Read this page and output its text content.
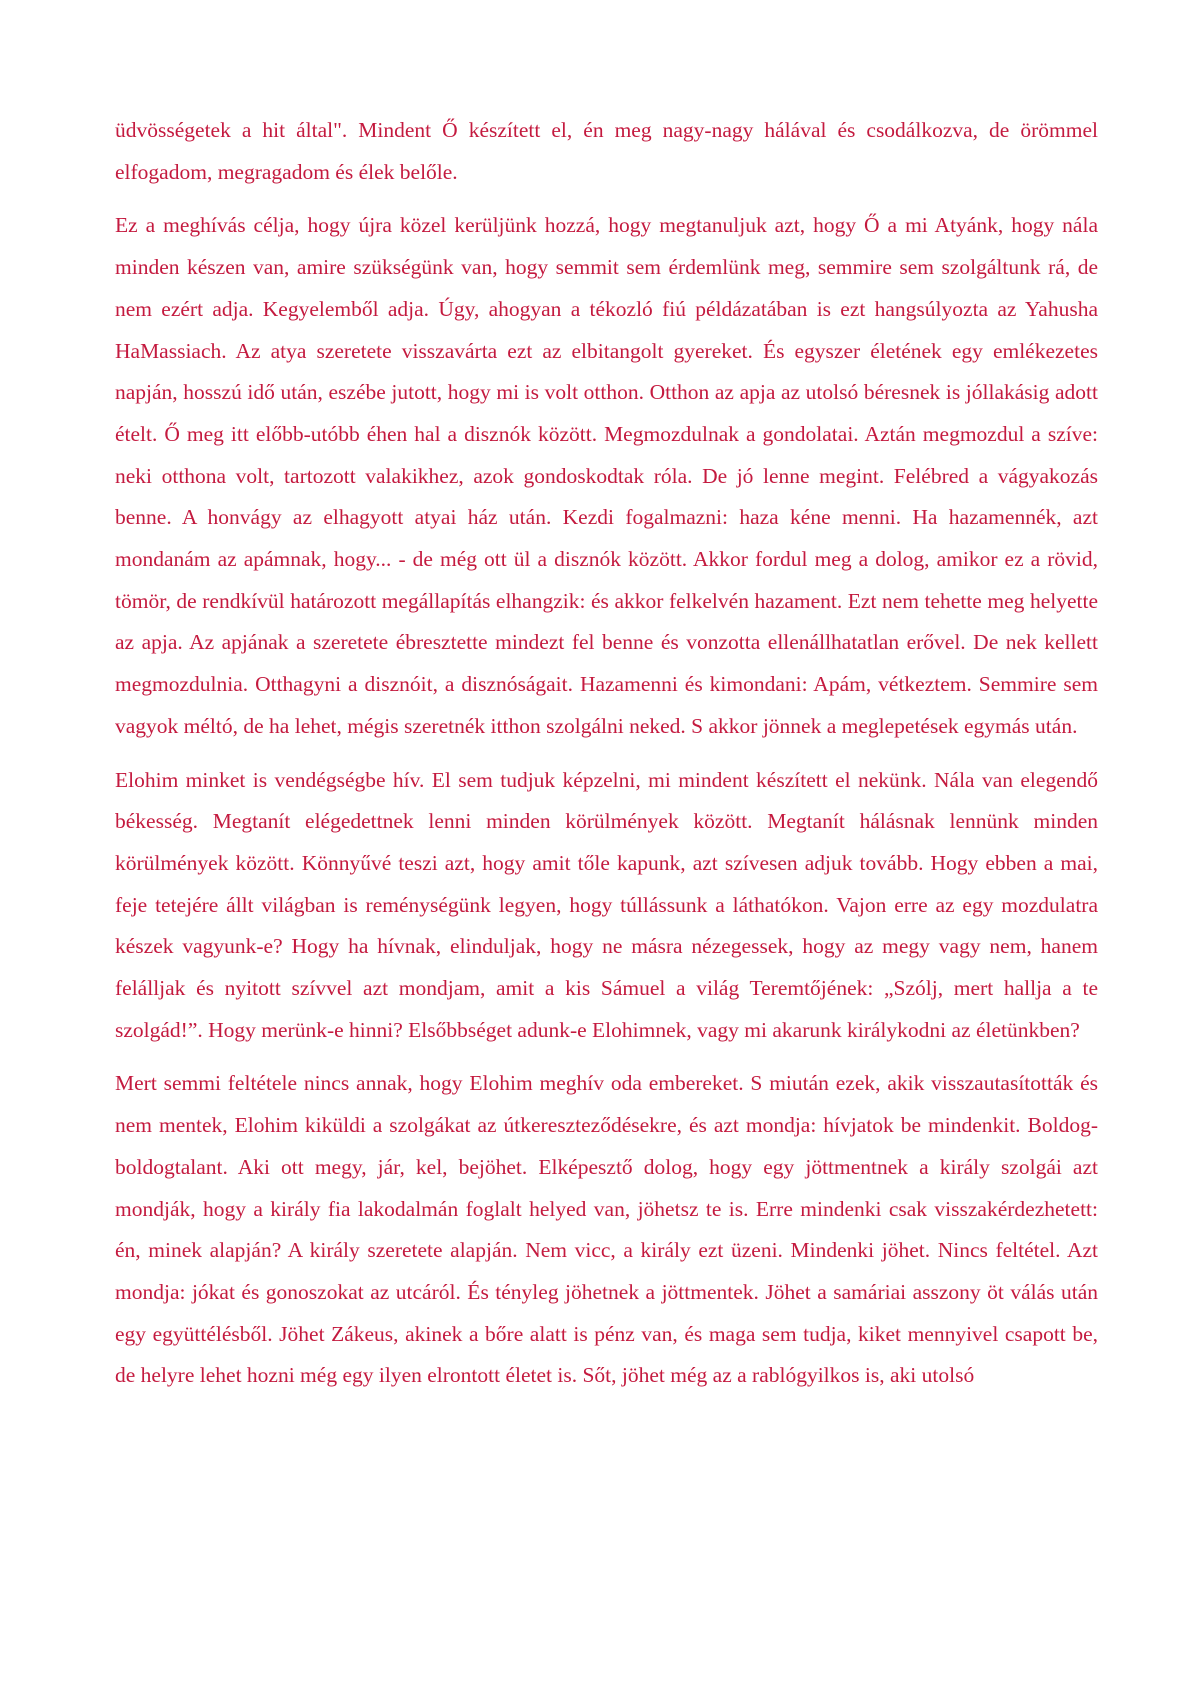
üdvösségetek a hit által". Mindent Ő készített el, én meg nagy-nagy hálával és csodálkozva, de örömmel elfogadom, megragadom és élek belőle.

Ez a meghívás célja, hogy újra közel kerüljünk hozzá, hogy megtanuljuk azt, hogy Ő a mi Atyánk, hogy nála minden készen van, amire szükségünk van, hogy semmit sem érdemlünk meg, semmire sem szolgáltunk rá, de nem ezért adja. Kegyelemből adja. Úgy, ahogyan a tékozló fiú példázatában is ezt hangsúlyozta az Yahusha HaMassiach. Az atya szeretete visszavárta ezt az elbitangolt gyereket. És egyszer életének egy emlékezetes napján, hosszú idő után, eszébe jutott, hogy mi is volt otthon. Otthon az apja az utolsó béresnek is jóllakásig adott ételt. Ő meg itt előbb-utóbb éhen hal a disznók között. Megmozdulnak a gondolatai. Aztán megmozdul a szíve: neki otthona volt, tartozott valakikhez, azok gondoskodtak róla. De jó lenne megint. Felébred a vágyakozás benne. A honvágy az elhagyott atyai ház után. Kezdi fogalmazni: haza kéne menni. Ha hazamennék, azt mondanám az apámnak, hogy... - de még ott ül a disznók között. Akkor fordul meg a dolog, amikor ez a rövid, tömör, de rendkívül határozott megállapítás elhangzik: és akkor felkelvén hazament. Ezt nem tehette meg helyette az apja. Az apjának a szeretete ébresztette mindezt fel benne és vonzotta ellenállhatatlan erővel. De nek kellett megmozdulnia. Otthagyni a disznóit, a disznóságait. Hazamenni és kimondani: Apám, vétkeztem. Semmire sem vagyok méltó, de ha lehet, mégis szeretnék itthon szolgálni neked. S akkor jönnek a meglepetések egymás után.

Elohim minket is vendégségbe hív. El sem tudjuk képzelni, mi mindent készített el nekünk. Nála van elegendő békesség. Megtanít elégedettnek lenni minden körülmények között. Megtanít hálásnak lennünk minden körülmények között. Könnyűvé teszi azt, hogy amit tőle kapunk, azt szívesen adjuk tovább. Hogy ebben a mai, feje tetejére állt világban is reménységünk legyen, hogy túllássunk a láthatókon. Vajon erre az egy mozdulatra készek vagyunk-e? Hogy ha hívnak, elinduljak, hogy ne másra nézegessek, hogy az megy vagy nem, hanem felálljak és nyitott szívvel azt mondjam, amit a kis Sámuel a világ Teremtőjének: „Szólj, mert hallja a te szolgád!”. Hogy merünk-e hinni? Elsőbbséget adunk-e Elohimnek, vagy mi akarunk királykodni az életünkben?

Mert semmi feltétele nincs annak, hogy Elohim meghív oda embereket. S miután ezek, akik visszautasították és nem mentek, Elohim kiküldi a szolgákat az útkereszteződésekre, és azt mondja: hívjatok be mindenkit. Boldog-boldogtalant. Aki ott megy, jár, kel, bejöhet. Elképesztő dolog, hogy egy jöttmentnek a király szolgái azt mondják, hogy a király fia lakodalmán foglalt helyed van, jöhetsz te is. Erre mindenki csak visszakérdezhetett: én, minek alapján? A király szeretete alapján. Nem vicc, a király ezt üzeni. Mindenki jöhet. Nincs feltétel. Azt mondja: jókat és gonoszokat az utcáról. És tényleg jöhetnek a jöttmentek. Jöhet a samáriai asszony öt válás után egy együttélésből. Jöhet Zákeus, akinek a bőre alatt is pénz van, és maga sem tudja, kiket mennyivel csapott be, de helyre lehet hozni még egy ilyen elrontott életet is. Sőt, jöhet még az a rablógyilkos is, aki utolsó
